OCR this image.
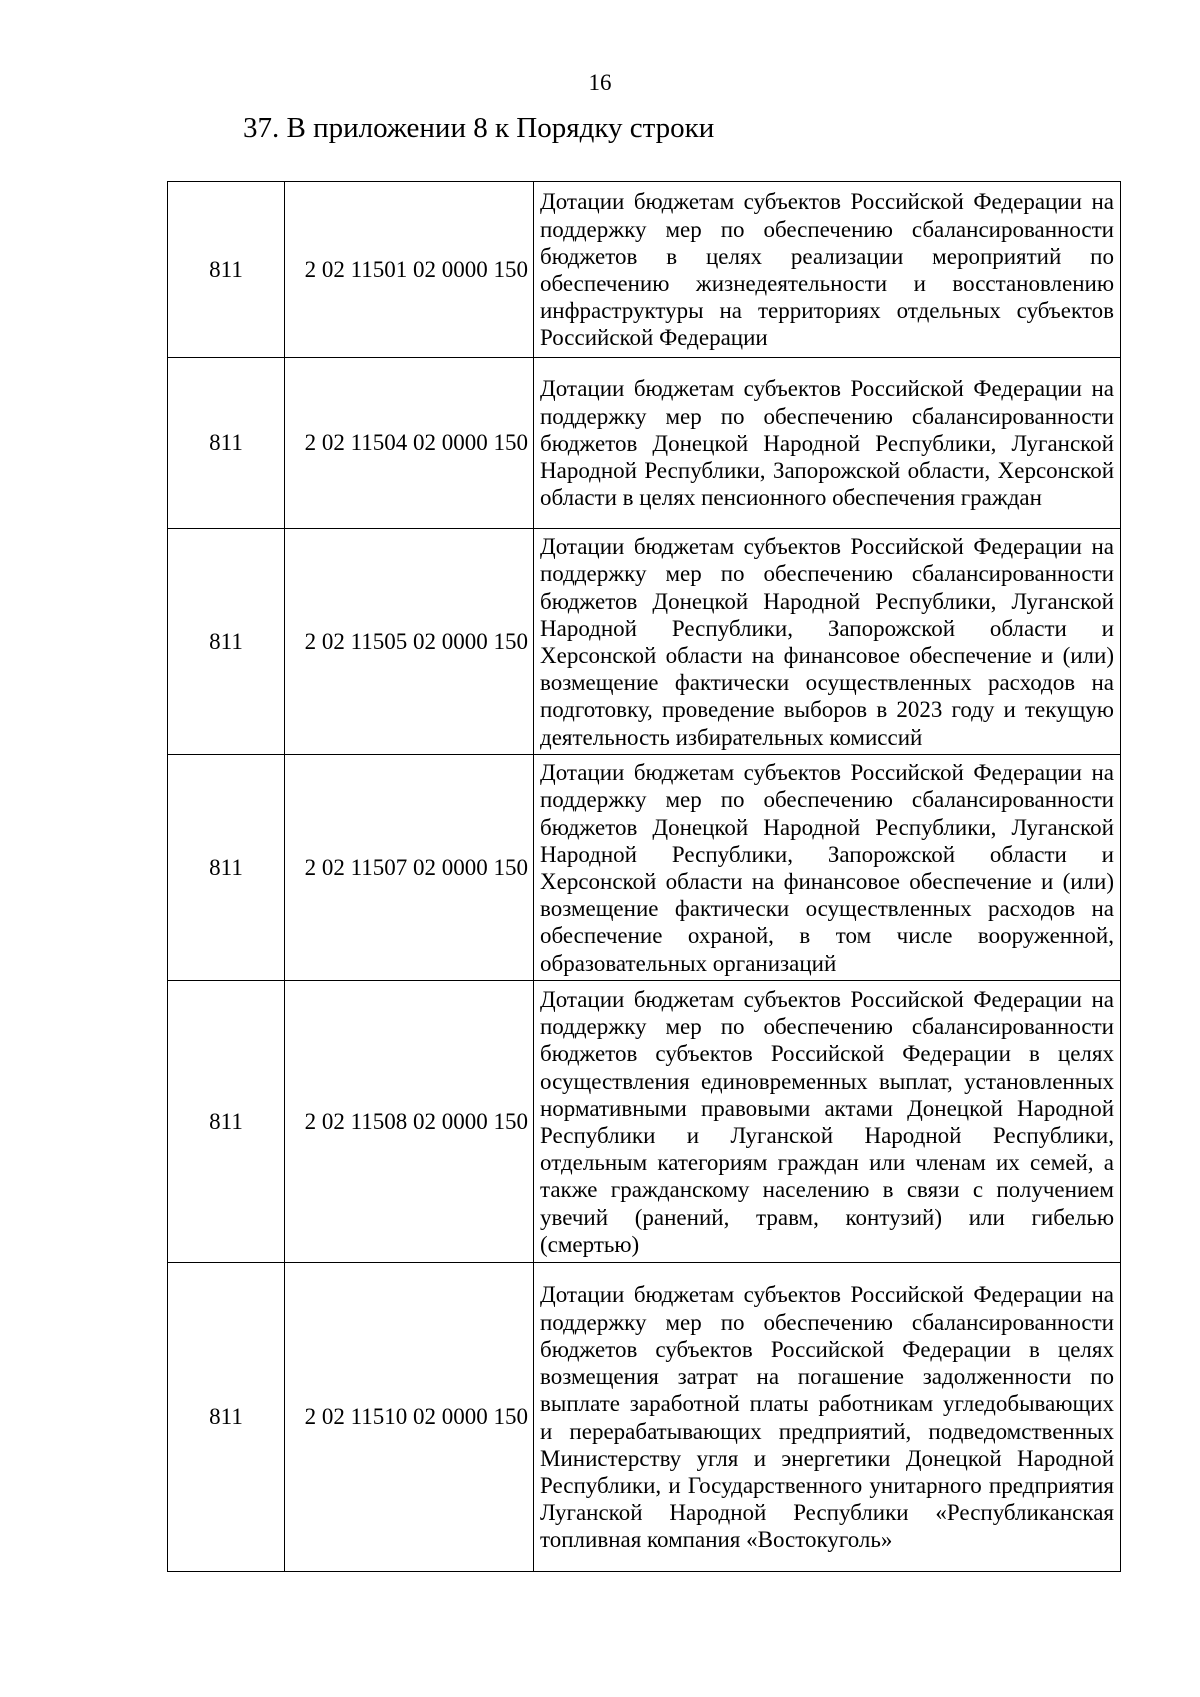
16
37. В приложении 8 к Порядку строки
811	2 02 11501 02 0000 150	Дотации бюджетам субъектов Российской Федерации на поддержку мер по обеспечению сбалансированности бюджетов в целях реализации мероприятий по обеспечению жизнедеятельности и восстановлению инфраструктуры на территориях отдельных субъектов Российской Федерации
811	2 02 11504 02 0000 150	Дотации бюджетам субъектов Российской Федерации на поддержку мер по обеспечению сбалансированности бюджетов Донецкой Народной Республики, Луганской Народной Республики, Запорожской области, Херсонской области в целях пенсионного обеспечения граждан
811	2 02 11505 02 0000 150	Дотации бюджетам субъектов Российской Федерации на поддержку мер по обеспечению сбалансированности бюджетов Донецкой Народной Республики, Луганской Народной Республики, Запорожской области и Херсонской области на финансовое обеспечение и (или) возмещение фактически осуществленных расходов на подготовку, проведение выборов в 2023 году и текущую деятельность избирательных комиссий
811	2 02 11507 02 0000 150	Дотации бюджетам субъектов Российской Федерации на поддержку мер по обеспечению сбалансированности бюджетов Донецкой Народной Республики, Луганской Народной Республики, Запорожской области и Херсонской области на финансовое обеспечение и (или) возмещение фактически осуществленных расходов на обеспечение охраной, в том числе вооруженной, образовательных организаций
811	2 02 11508 02 0000 150	Дотации бюджетам субъектов Российской Федерации на поддержку мер по обеспечению сбалансированности бюджетов субъектов Российской Федерации в целях осуществления единовременных выплат, установленных нормативными правовыми актами Донецкой Народной Республики и Луганской Народной Республики, отдельным категориям граждан или членам их семей, а также гражданскому населению в связи с получением увечий (ранений, травм, контузий) или гибелью (смертью)
811	2 02 11510 02 0000 150	Дотации бюджетам субъектов Российской Федерации на поддержку мер по обеспечению сбалансированности бюджетов субъектов Российской Федерации в целях возмещения затрат на погашение задолженности по выплате заработной платы работникам угледобывающих и перерабатывающих предприятий, подведомственных Министерству угля и энергетики Донецкой Народной Республики, и Государственного унитарного предприятия Луганской Народной Республики «Республиканская топливная компания «Востокуголь»
